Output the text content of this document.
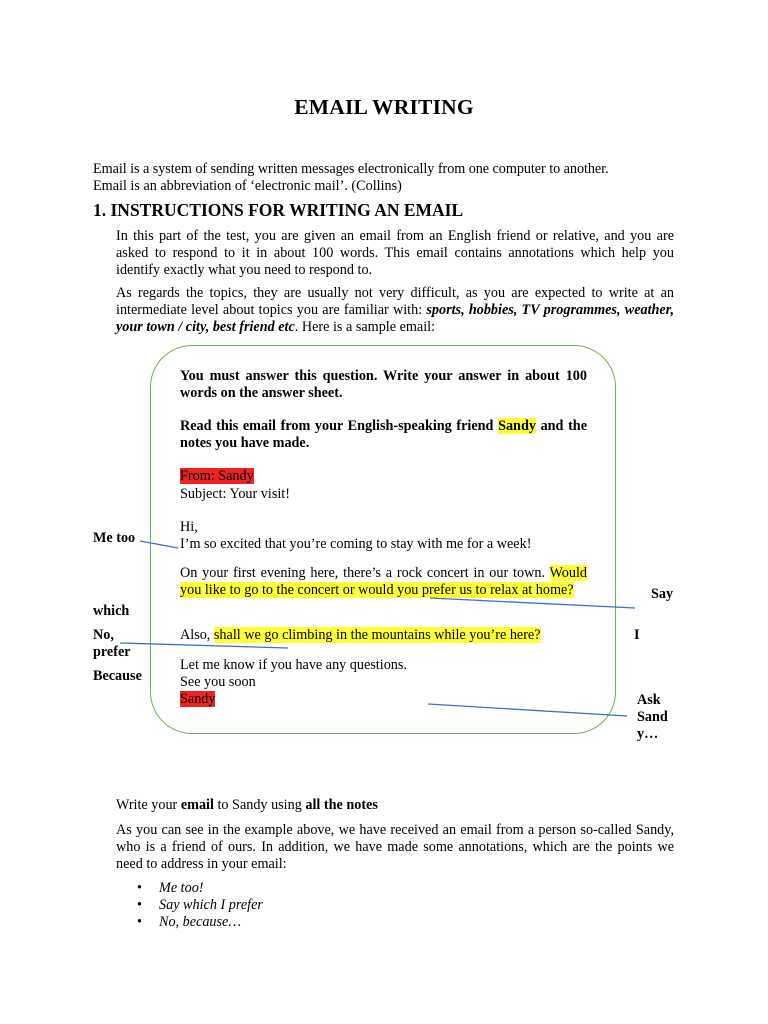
EMAIL WRITING
Email is a system of sending written messages electronically from one computer to another.
Email is an abbreviation of ‘electronic mail’. (Collins)
1. INSTRUCTIONS FOR WRITING AN EMAIL
In this part of the test, you are given an email from an English friend or relative, and you are asked to respond to it in about 100 words. This email contains annotations which help you identify exactly what you need to respond to.
As regards the topics, they are usually not very difficult, as you are expected to write at an intermediate level about topics you are familiar with: sports, hobbies, TV programmes, weather, your town / city, best friend etc. Here is a sample email:
You must answer this question. Write your answer in about 100 words on the answer sheet.
Read this email from your English-speaking friend Sandy and the notes you have made.
From: Sandy
Subject: Your visit!
Hi,
I’m so excited that you’re coming to stay with me for a week!
On your first evening here, there’s a rock concert in our town. Would you like to go to the concert or would you prefer us to relax at home?
Also, shall we go climbing in the mountains while you’re here?
Let me know if you have any questions.
See you soon
Sandy
Me too
which
No,
prefer
Because
Say
I
Ask
Sand
y…
Write your email to Sandy using all the notes
As you can see in the example above, we have received an email from a person so-called Sandy, who is a friend of ours. In addition, we have made some annotations, which are the points we need to address in your email:
• Me too!
• Say which I prefer
• No, because…
